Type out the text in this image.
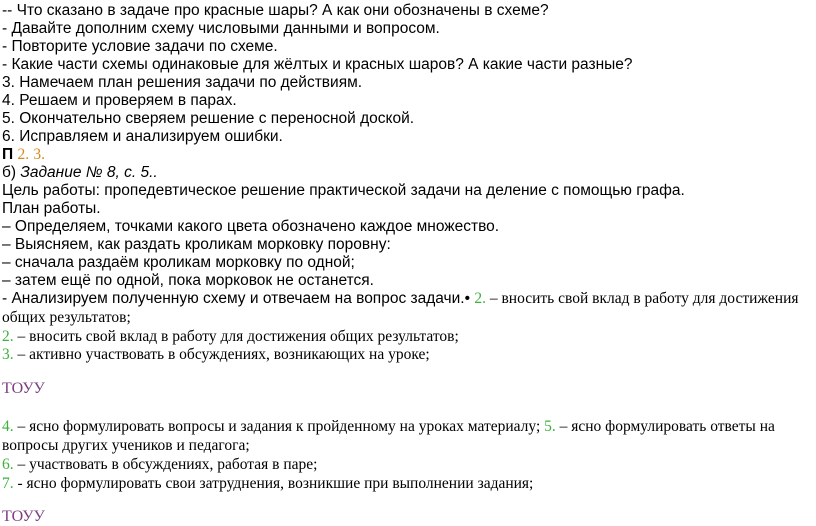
-- Что сказано в задаче про красные шары? А как они обозначены в схеме?
- Давайте дополним схему числовыми данными и вопросом.
- Повторите условие задачи по схеме.
- Какие части схемы одинаковые для жёлтых и красных шаров? А какие части разные?
3. Намечаем план решения задачи по действиям.
4. Решаем и проверяем в парах.
5. Окончательно сверяем решение с переносной доской.
6. Исправляем и анализируем ошибки.
П 2. 3.
б) Задание № 8, с. 5..
Цель работы: пропедевтическое решение практической задачи на деление с помощью графа.
План работы.
– Определяем, точками какого цвета обозначено каждое множество.
– Выясняем, как раздать кроликам морковку поровну:
– сначала раздаём кроликам морковку по одной;
– затем ещё по одной, пока морковок не останется.
- Анализируем полученную схему и отвечаем на вопрос задачи.• 2. – вносить свой вклад в работу для достижения
общих результатов;
2. – вносить свой вклад в работу для достижения общих результатов;
3. – активно участвовать в обсуждениях, возникающих на уроке;
ТОУУ
4. – ясно формулировать вопросы и задания к пройденному на уроках материалу; 5. – ясно формулировать ответы на
вопросы других учеников и педагога;
6. – участвовать в обсуждениях, работая в паре;
7. - ясно формулировать свои затруднения, возникшие при выполнении задания;
ТОУУ
